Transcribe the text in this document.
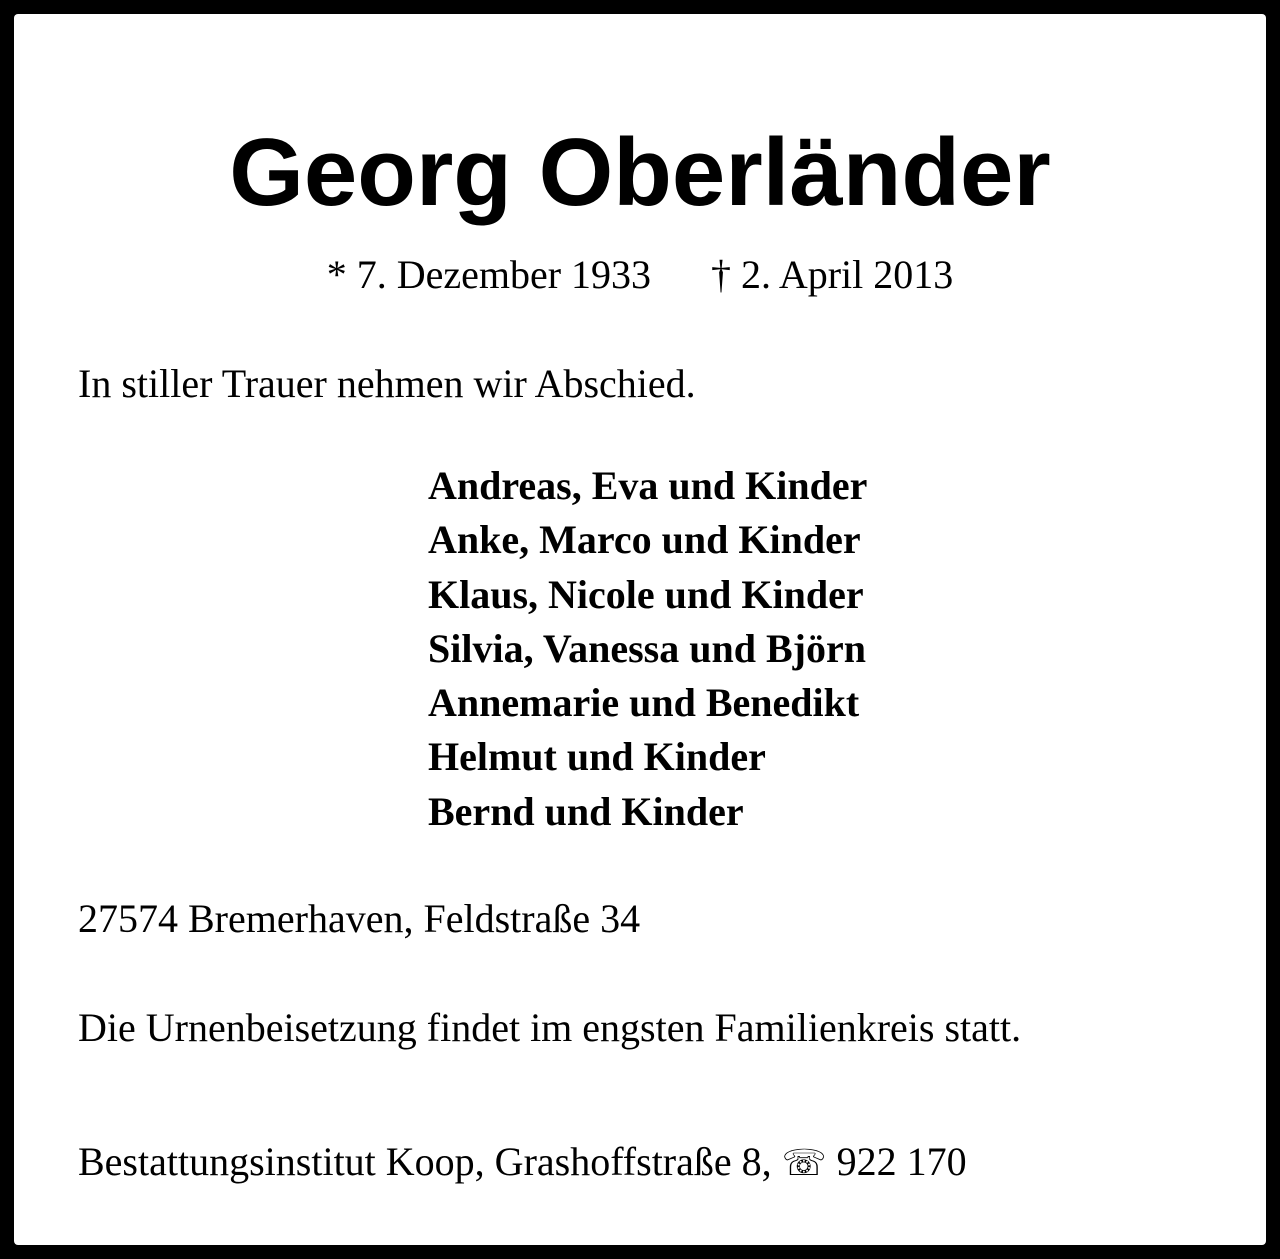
Georg Oberländer
* 7. Dezember 1933 † 2. April 2013
In stiller Trauer nehmen wir Abschied.
Andreas, Eva und Kinder
Anke, Marco und Kinder
Klaus, Nicole und Kinder
Silvia, Vanessa und Björn
Annemarie und Benedikt
Helmut und Kinder
Bernd und Kinder
27574 Bremerhaven, Feldstraße 34
Die Urnenbeisetzung findet im engsten Familienkreis statt.
Bestattungsinstitut Koop, Grashoffstraße 8, ☏ 922 170
